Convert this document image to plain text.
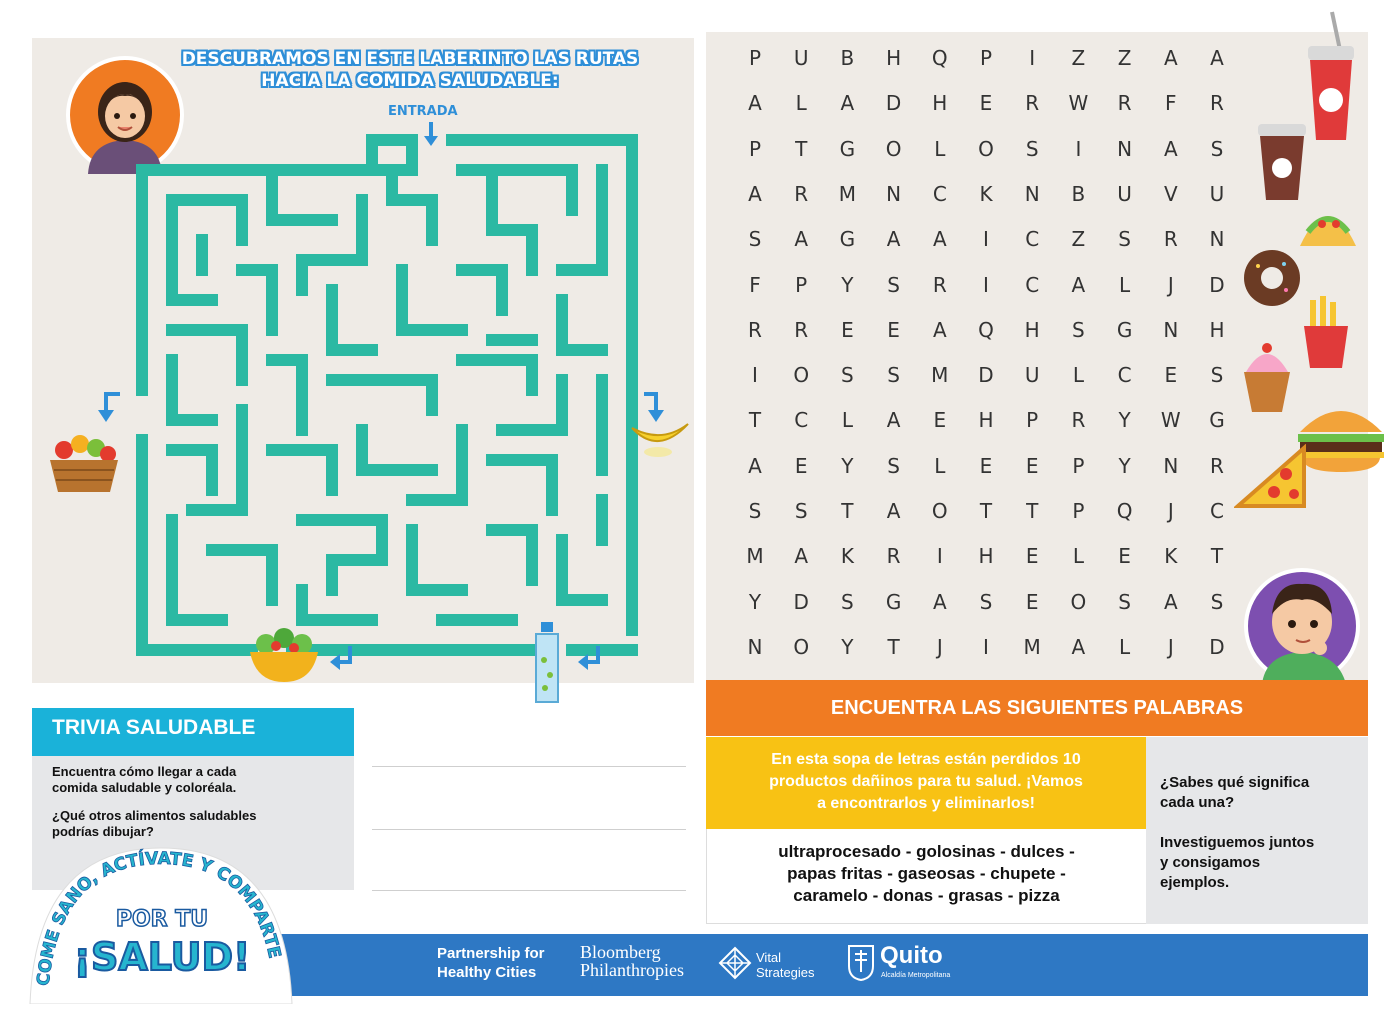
DESCUBRAMOS EN ESTE LABERINTO LAS RUTAS HACIA LA COMIDA SALUDABLE:
ENTRADA
P	U	B	H	Q	P	I	Z	Z	A	A
A	L	A	D	H	E	R	W	R	F	R
P	T	G	O	L	O	S	I	N	A	S
A	R	M	N	C	K	N	B	U	V	U
S	A	G	A	A	I	C	Z	S	R	N
F	P	Y	S	R	I	C	A	L	J	D
R	R	E	E	A	Q	H	S	G	N	H
I	O	S	S	M	D	U	L	C	E	S
T	C	L	A	E	H	P	R	Y	W	G
A	E	Y	S	L	E	E	P	Y	N	R
S	S	T	A	O	T	T	P	Q	J	C
M	A	K	R	I	H	E	L	E	K	T
Y	D	S	G	A	S	E	O	S	A	S
N	O	Y	T	J	I	M	A	L	J	D
ENCUENTRA LAS SIGUIENTES PALABRAS
En esta sopa de letras están perdidos 10
productos dañinos para tu salud. ¡Vamos
a encontrarlos y eliminarlos!
ultraprocesado - golosinas - dulces -
papas fritas - gaseosas - chupete -
caramelo - donas - grasas - pizza
¿Sabes qué significa
cada una?
Investiguemos juntos
y consigamos
ejemplos.
TRIVIA SALUDABLE
Encuentra cómo llegar a cada
comida saludable y coloréala.
¿Qué otros alimentos saludables
podrías dibujar?
Partnership for
Healthy Cities
Bloomberg
Philanthropies
Vital
Strategies
Quito
Alcaldía Metropolitana
COME SANO, ACTÍVATE Y COMPARTE
POR TU
¡SALUD!
